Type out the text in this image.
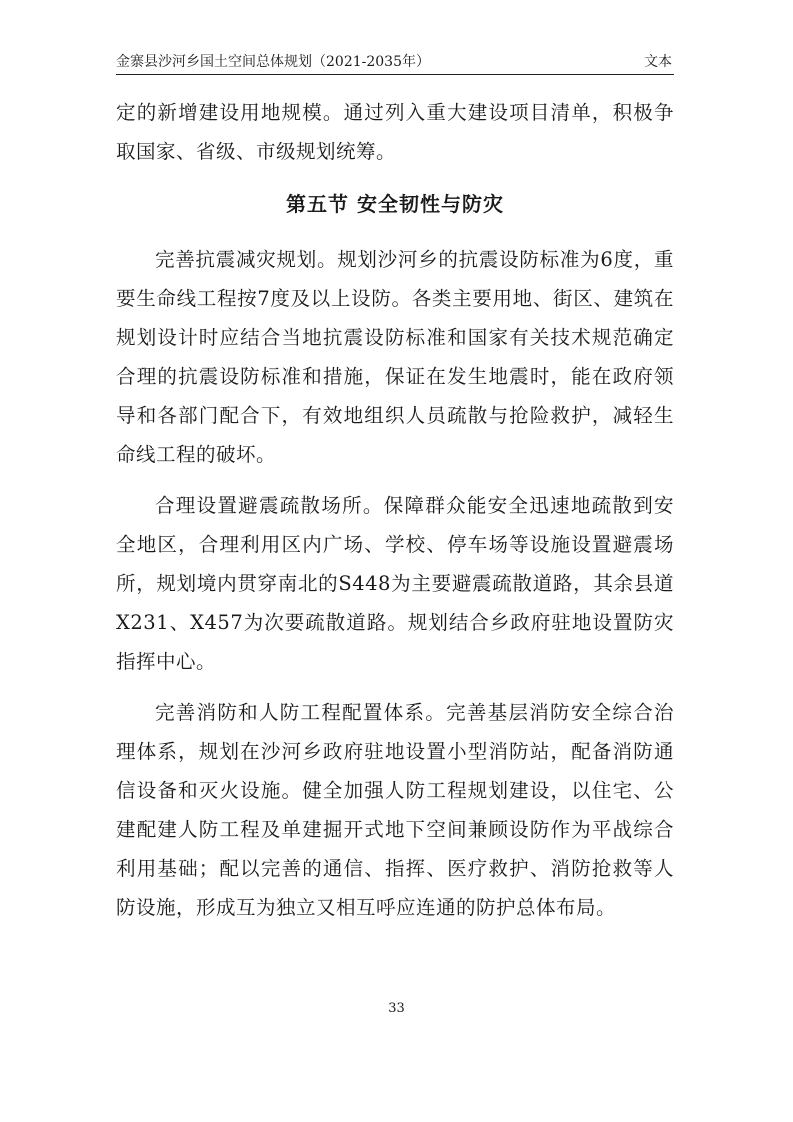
金寨县沙河乡国土空间总体规划（2021-2035年）	文本

定的新增建设用地规模。通过列入重大建设项目清单，积极争取国家、省级、市级规划统筹。

第五节 安全韧性与防灾

完善抗震减灾规划。规划沙河乡的抗震设防标准为6度，重要生命线工程按7度及以上设防。各类主要用地、街区、建筑在规划设计时应结合当地抗震设防标准和国家有关技术规范确定合理的抗震设防标准和措施，保证在发生地震时，能在政府领导和各部门配合下，有效地组织人员疏散与抢险救护，减轻生命线工程的破坏。

合理设置避震疏散场所。保障群众能安全迅速地疏散到安全地区，合理利用区内广场、学校、停车场等设施设置避震场所，规划境内贯穿南北的S448为主要避震疏散道路，其余县道X231、X457为次要疏散道路。规划结合乡政府驻地设置防灾指挥中心。

完善消防和人防工程配置体系。完善基层消防安全综合治理体系，规划在沙河乡政府驻地设置小型消防站，配备消防通信设备和灭火设施。健全加强人防工程规划建设，以住宅、公建配建人防工程及单建掘开式地下空间兼顾设防作为平战综合利用基础；配以完善的通信、指挥、医疗救护、消防抢救等人防设施，形成互为独立又相互呼应连通的防护总体布局。

33
